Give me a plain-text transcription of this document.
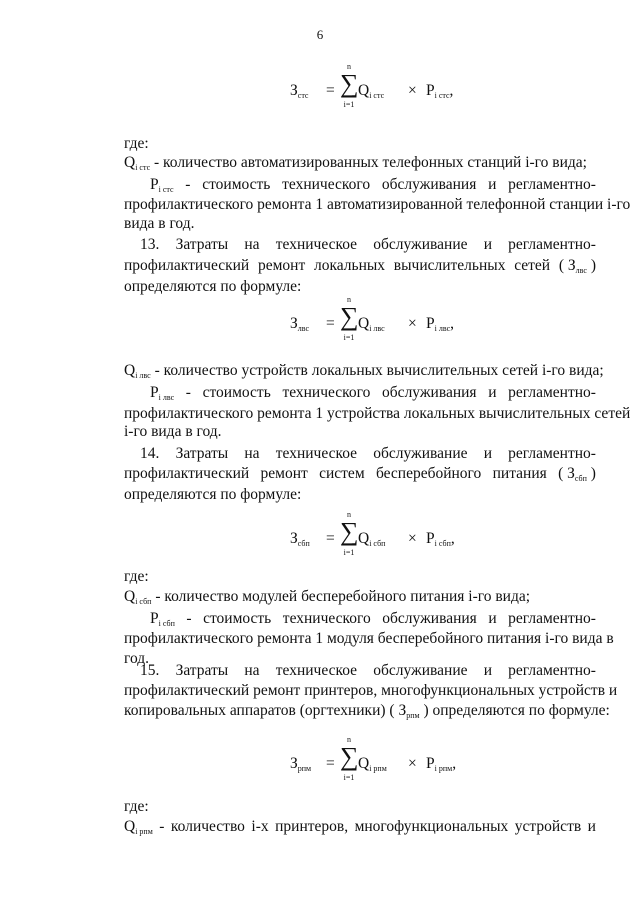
6
$З_{стс}$ =
n
∑
i=1
$Q_{i стс} \times P_{i стс}$,
где:
$Q_{i стс}$ - количество автоматизированных телефонных станций i-го вида;
$P_{i стс}$ - стоимость технического обслуживания и регламентно-
профилактического ремонта 1 автоматизированной телефонной станции i-го
вида в год.
13. Затраты на техническое обслуживание и регламентно-
профилактический ремонт локальных вычислительных сетей ( $З_{лвс}$ )
определяются по формуле:
$З_{лвс}$ =
n
∑
i=1
$Q_{i лвс} \times P_{i лвс}$,
$Q_{i лвс}$ - количество устройств локальных вычислительных сетей i-го вида;
$P_{i лвс}$ - стоимость технического обслуживания и регламентно-
профилактического ремонта 1 устройства локальных вычислительных сетей
i-го вида в год.
14. Затраты на техническое обслуживание и регламентно-
профилактический ремонт систем бесперебойного питания ( $З_{сбп}$ )
определяются по формуле:
$З_{сбп}$ =
n
∑
i=1
$Q_{i сбп} \times P_{i сбп}$,
где:
$Q_{i сбп}$ - количество модулей бесперебойного питания i-го вида;
$P_{i сбп}$ - стоимость технического обслуживания и регламентно-
профилактического ремонта 1 модуля бесперебойного питания i-го вида в
год.
15. Затраты на техническое обслуживание и регламентно-
профилактический ремонт принтеров, многофункциональных устройств и
копировальных аппаратов (оргтехники) ( $З_{рпм}$ ) определяются по формуле:
$З_{рпм}$ =
n
∑
i=1
$Q_{i рпм} \times P_{i рпм}$,
где:
$Q_{i рпм}$ - количество i-х принтеров, многофункциональных устройств и
